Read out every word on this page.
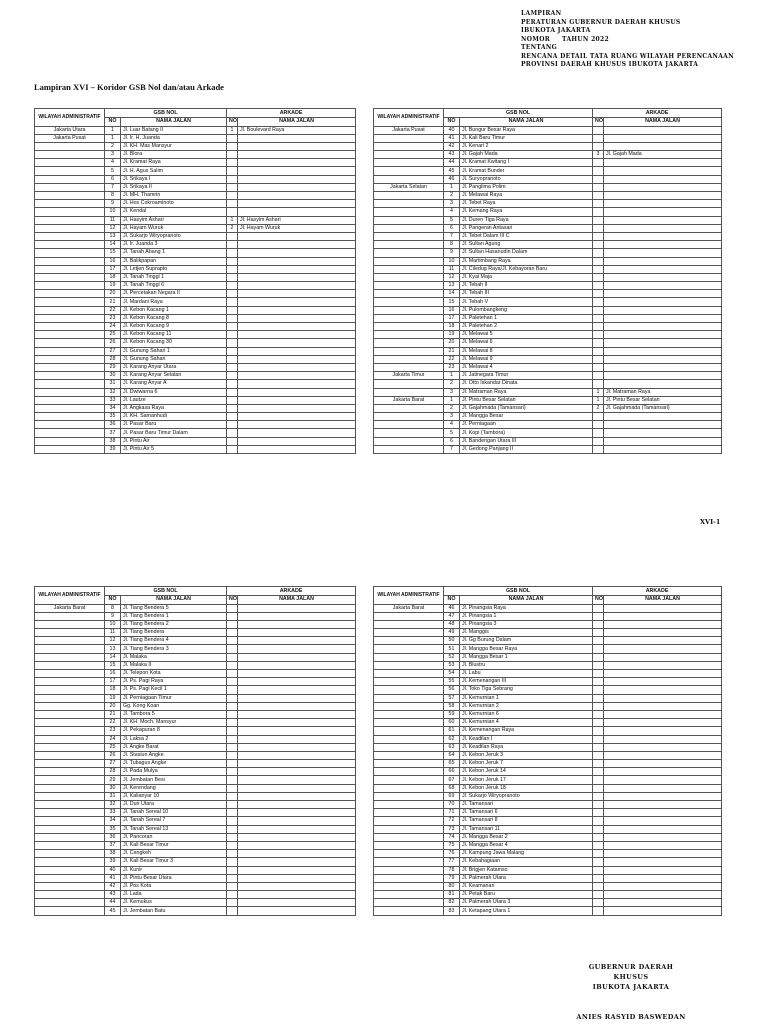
LAMPIRAN
PERATURAN GUBERNUR DAERAH KHUSUS
IBUKOTA JAKARTA
NOMOR     TAHUN 2022
TENTANG
RENCANA DETAIL TATA RUANG WILAYAH PERENCANAAN
PROVINSI DAERAH KHUSUS IBUKOTA JAKARTA
Lampiran XVI – Koridor GSB Nol dan/atau Arkade
XVI-1
WILAYAH ADMINISTRATIF	GSB NOL		ARKADE	
	NO	NAMA JALAN	NO	NAMA JALAN
Jakarta Utara	1	Jl. Luar Batang II	1	Jl. Boulevard Raya
Jakarta Pusat	1	Jl. Ir. H. Juanda		
	2	Jl. KH. Mas Mansyur		
	3	Jl. Blora		
	4	Jl. Kramat Raya		
	5	Jl. H. Agus Salim		
	6	Jl. Srikaya I		
	7	Jl. Srikaya II		
	8	Jl. MH. Thamrin		
	9	Jl. Hos Cokroaminoto		
	10	Jl. Kendal		
	11	Jl. Hasyim Ashari	1	Jl. Hasyim Ashari
	12	Jl. Hayam Wuruk	2	Jl. Hayam Wuruk
	13	Jl. Sukarjo Wiryopranoto		
	14	Jl. Ir. Juanda 3		
	15	Jl. Tanah Abang 1		
	16	Jl. Balikpapan		
	17	Jl. Letjen Suprapto		
	18	Jl. Tanah Tinggi 1		
	19	Jl. Tanah Tinggi 6		
	20	Jl. Percetakan Negara II		
	21	Jl. Mardani Raya		
	22	Jl. Kebon Kacang 1		
	23	Jl. Kebon Kacang 8		
	24	Jl. Kebon Kacang 9		
	25	Jl. Kebon Kacang 11		
	26	Jl. Kebon Kacang 30		
	27	Jl. Gunung Sahari 1		
	28	Jl. Gunung Sahari		
	29	Jl. Karang Anyar Utara		
	30	Jl. Karang Anyar Selatan		
	31	Jl. Karang Anyar A		
	32	Jl. Dwiwarna 6		
	33	Jl. Lautze		
	34	Jl. Angkasa Raya		
	35	Jl. KH. Samanhudi		
	36	Jl. Pasar Baru		
	37	Jl. Pasar Baru Timur Dalam		
	38	Jl. Pintu Air		
	39	Jl. Pintu Air 5		
WILAYAH ADMINISTRATIF	GSB NOL		ARKADE	
	NO	NAMA JALAN	NO	NAMA JALAN
Jakarta Pusat	40	Jl. Bungur Besar Raya		
	41	Jl. Kali Baru Timur		
	42	Jl. Kenari 2		
	43	Jl. Gajah Mada	3	Jl. Gajah Mada
	44	Jl. Kramat Kwitang I		
	45	Jl. Kramat Bunder		
	46	Jl. Suryopranoto		
Jakarta Selatan	1	Jl. Panglima Polim		
	2	Jl. Melawai Raya		
	3	Jl. Tebet Raya		
	4	Jl. Kemang Raya		
	5	Jl. Duren Tiga Raya		
	6	Jl. Pangeran Antasari		
	7	Jl. Tebet Dalam III C		
	8	Jl. Sultan Agung		
	9	Jl. Sultan Hasanudin Dalam		
	10	Jl. Martimbang Raya		
	11	Jl. Ciledug Raya/Jl. Kebayoran Baru		
	12	Jl. Kyai Maja		
	13	Jl. Tebah II		
	14	Jl. Tebah III		
	15	Jl. Tebah V		
	16	Jl. Pulombangkeng		
	17	Jl. Paletehan 1		
	18	Jl. Paletehan 2		
	19	Jl. Melawai 5		
	20	Jl. Melawai 6		
	21	Jl. Melawai 8		
	22	Jl. Melawai 9		
	23	Jl. Melawai 4		
Jakarta Timur	1	Jl. Jatinegara Timur		
	2	Jl. Otto Iskandar Dinata		
	3	Jl. Matraman Raya	1	Jl. Matraman Raya
Jakarta Barat	1	Jl. Pintu Besar Selatan	1	Jl. Pintu Besar Selatan
	2	Jl. Gajahmada (Tamansari)	2	Jl. Gajahmada (Tamansari)
	3	Jl. Mangga Besar		
	4	Jl. Perniagaan		
	5	Jl. Kopi (Tambora)		
	6	Jl. Bandengan Utara III		
	7	Jl. Gedong Panjang II		
WILAYAH ADMINISTRATIF	GSB NOL		ARKADE	
	NO	NAMA JALAN	NO	NAMA JALAN
Jakarta Barat	8	Jl. Tiang Bendera 5		
	9	Jl. Tiang Bendera 1		
	10	Jl. Tiang Bendera 2		
	11	Jl. Tiang Bendera		
	12	Jl. Tiang Bendera 4		
	13	Jl. Tiang Bendera 3		
	14	Jl. Malaka		
	15	Jl. Malaka II		
	16	Jl. Telepon Kota		
	17	Jl. Ps. Pagi Raya		
	18	Jl. Ps. Pagi Kecil 1		
	19	Jl. Perniagaan Timur		
	20	Gg. Kong Koan		
	21	Jl. Tambora 5		
	22	Jl. KH. Moch. Mansyur		
	23	Jl. Pekapuran 8		
	24	Jl. Laksa 2		
	25	Jl. Angke Barat		
	26	Jl. Stasiun Angke		
	27	Jl. Tubagus Angke		
	28	Jl. Pada Mulya		
	29	Jl. Jembatan Besi		
	30	Jl. Kerendang		
	31	Jl. Kalianyar 10		
	32	Jl. Duri Utara		
	33	Jl. Tanah Sereal 10		
	34	Jl. Tanah Sereal 7		
	35	Jl. Tanah Sereal 13		
	36	Jl. Pancoran		
	37	Jl. Kali Besar Timur		
	38	Jl. Cengkeh		
	39	Jl. Kali Besar Timur 3		
	40	Jl. Kunir		
	41	Jl. Pintu Besar Utara		
	42	Jl. Pos Kota		
	43	Jl. Lada		
	44	Jl. Kemukus		
	45	Jl. Jembatan Batu		
WILAYAH ADMINISTRATIF	GSB NOL		ARKADE	
	NO	NAMA JALAN	NO	NAMA JALAN
Jakarta Barat	46	Jl. Pinangsia Raya		
	47	Jl. Pinangsia 1		
	48	Jl. Pinangsia 3		
	49	Jl. Manggis		
	50	Jl. Gg Burung Dalam		
	51	Jl. Mangga Besar Raya		
	52	Jl. Mangga Besar 1		
	53	Jl. Blustru		
	54	Jl. Labu		
	55	Jl. Kemenangan III		
	56	Jl. Toko Tiga Sebrang		
	57	Jl. Kemurnian 1		
	58	Jl. Kemurnian 2		
	59	Jl. Kemurnian 6		
	60	Jl. Kemurnian 4		
	61	Jl. Kemenangan Raya		
	62	Jl. Keadilan I		
	63	Jl. Keadilan Raya		
	64	Jl. Kebon Jeruk 3		
	65	Jl. Kebon Jeruk 7		
	66	Jl. Kebon Jeruk 14		
	67	Jl. Kebon Jeruk 17		
	68	Jl. Kebon Jeruk 18		
	69	Jl. Sukarjo Wiryopranoto		
	70	Jl. Tamansari		
	71	Jl. Tamansari 6		
	72	Jl. Tamansari 8		
	73	Jl. Tamansari 11		
	74	Jl. Mangga Besar 2		
	75	Jl. Mangga Besar 4		
	76	Jl. Kampung Jawa Malang		
	77	Jl. Kebahagiaan		
	78	Jl. Brigjen Katamso		
	79	Jl. Palmerah Utara		
	80	Jl. Keamanan		
	81	Jl. Petak Baru		
	82	Jl. Palmerah Utara 3		
	83	Jl. Ketapang Utara 1		
GUBERNUR DAERAH KHUSUS
IBUKOTA JAKARTA
ANIES RASYID BASWEDAN
